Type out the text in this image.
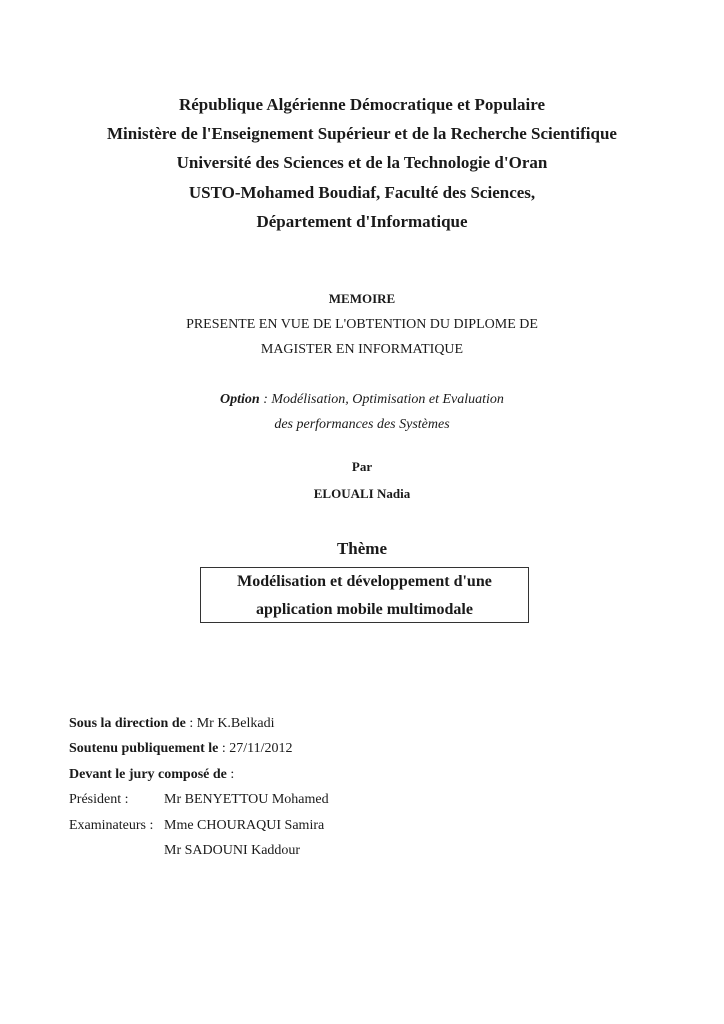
République Algérienne Démocratique et Populaire
Ministère de l'Enseignement Supérieur et de la Recherche Scientifique
Université des Sciences et de la Technologie d'Oran
USTO-Mohamed Boudiaf, Faculté des Sciences,
Département d'Informatique
MEMOIRE
PRESENTE EN VUE DE L'OBTENTION DU DIPLOME DE
MAGISTER EN INFORMATIQUE
Option : Modélisation, Optimisation et Evaluation
des performances des Systèmes
Par
ELOUALI Nadia
Thème
Modélisation et développement d'une
application mobile multimodale
Sous la direction de : Mr K.Belkadi
Soutenu publiquement le : 27/11/2012
Devant le jury composé de :
Président :	Mr BENYETTOU Mohamed
Examinateurs : Mme CHOURAQUI Samira
Mr SADOUNI Kaddour
